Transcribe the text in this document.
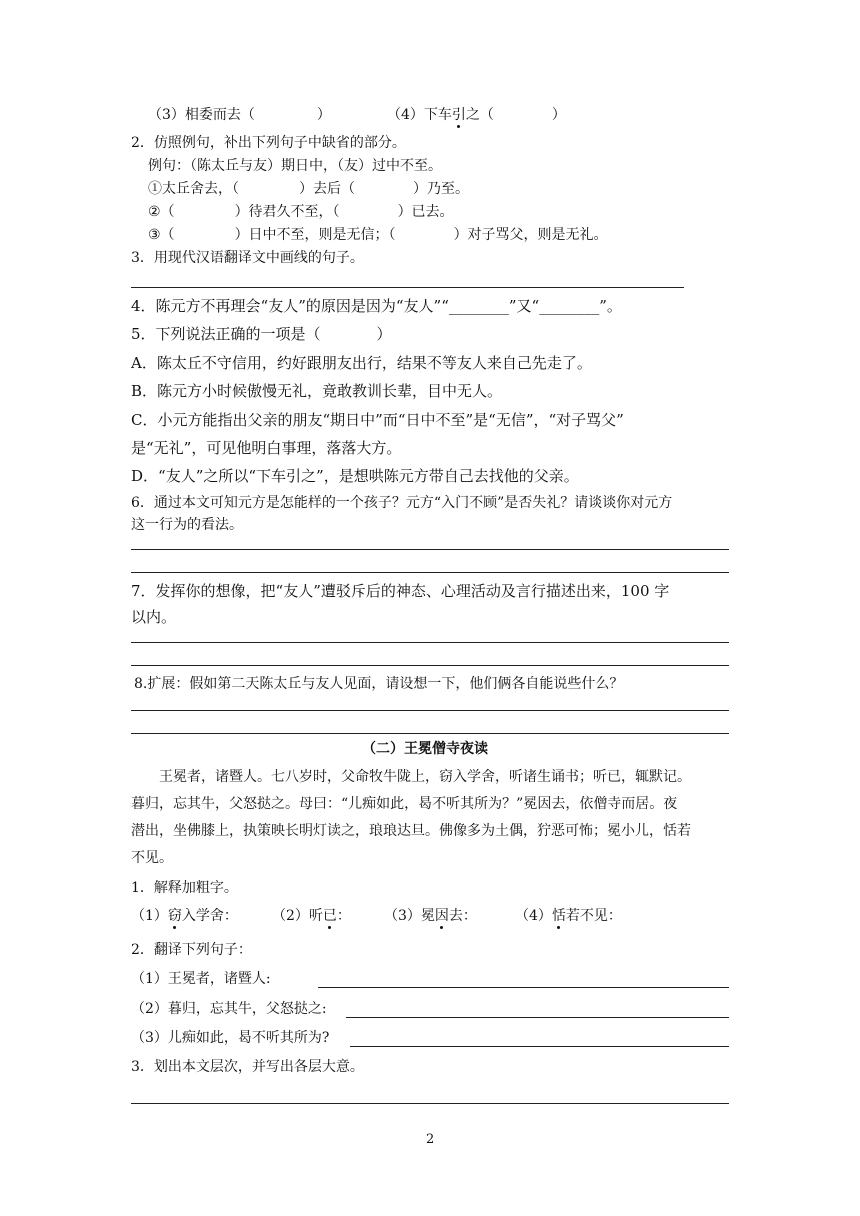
（3）相委而去（	）	（4）下车引之（	）
2．仿照例句，补出下列句子中缺省的部分。
例句：（陈太丘与友）期日中，（友）过中不至。
①太丘舍去，（	）去后（	）乃至。
②（	）待君久不至，（	）已去。
③（	）日中不至，则是无信；（	）对子骂父，则是无礼。
3．用现代汉语翻译文中画线的句子。
4．陈元方不再理会“友人”的原因是因为“友人”“________”又“________”。
5．下列说法正确的一项是（	）
A．陈太丘不守信用，约好跟朋友出行，结果不等友人来自己先走了。
B．陈元方小时候傲慢无礼，竟敢教训长辈，目中无人。
C．小元方能指出父亲的朋友“期日中”而“日中不至”是“无信”，“对子骂父”
是“无礼”，可见他明白事理，落落大方。
D．“友人”之所以“下车引之”，是想哄陈元方带自己去找他的父亲。
6．通过本文可知元方是怎能样的一个孩子？元方“入门不顾”是否失礼？请谈谈你对元方
这一行为的看法。
7．发挥你的想像，把“友人”遭驳斥后的神态、心理活动及言行描述出来，100 字
以内。
8.扩展：假如第二天陈太丘与友人见面，请设想一下，他们俩各自能说些什么？
（二）王冕僧寺夜读
王冕者，诸暨人。七八岁时，父命牧牛陇上，窃入学舍，听诸生诵书；听已，辄默记。
暮归，忘其牛，父怒挞之。母曰：“儿痴如此，曷不听其所为？”冕因去，依僧寺而居。夜
潜出，坐佛膝上，执策映长明灯读之，琅琅达旦。佛像多为土偶，狞恶可怖；冕小儿，恬若
不见。
1．解释加粗字。
（1）窃入学舍： （2）听已： （3）冕因去：	（4）恬若不见：
2．翻译下列句子：
（1）王冕者，诸暨人:
（2）暮归，忘其牛，父怒挞之:
（3）儿痴如此，曷不听其所为?
3．划出本文层次，并写出各层大意。
2
